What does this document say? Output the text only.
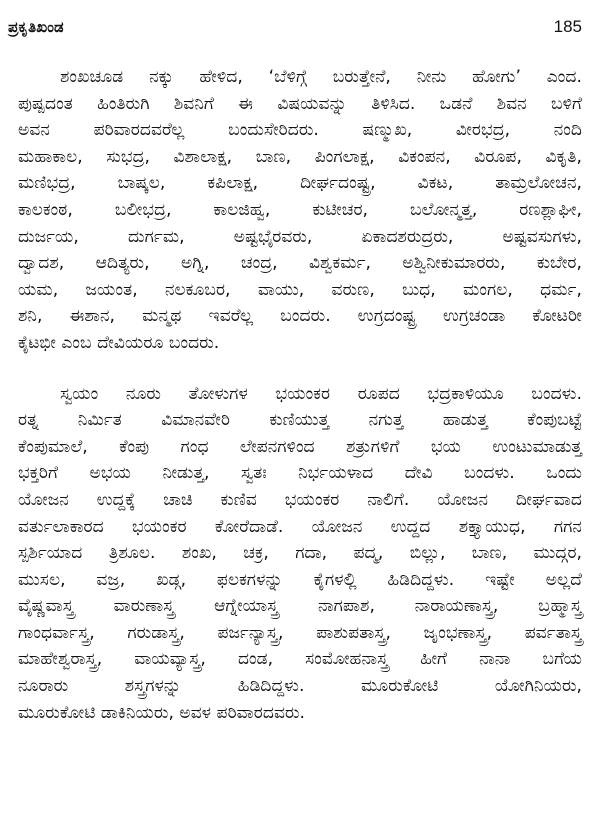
ಪ್ರಕೃತಿಖಂಡ	185

ಶಂಖಚೂಡ ನಕ್ಕು ಹೇಳಿದ, ‘ಬೆಳಿಗ್ಗೆ ಬರುತ್ತೇನೆ, ನೀನು ಹೋಗು’ ಎಂದ.

ಪುಷ್ಪದಂತ ಹಿಂತಿರುಗಿ ಶಿವನಿಗೆ ಈ ವಿಷಯವನ್ನು ತಿಳಿಸಿದ. ಒಡನೆ ಶಿವನ ಬಳಿಗೆ

ಅವನ ಪರಿವಾರದವರೆಲ್ಲ ಬಂದುಸೇರಿದರು. ಷಣ್ಮುಖ, ವೀರಭದ್ರ, ನಂದಿ

ಮಹಾಕಾಲ, ಸುಭದ್ರ, ವಿಶಾಲಾಕ್ಷ, ಬಾಣ, ಪಿಂಗಲಾಕ್ಷ, ವಿಕಂಪನ, ವಿರೂಪ, ವಿಕೃತಿ,

ಮಣಿಭದ್ರ, ಬಾಷ್ಕಲ, ಕಪಿಲಾಕ್ಷ, ದೀರ್ಘದಂಷ್ಟ್ರ, ವಿಕಟ, ತಾಮ್ರಲೋಚನ,

ಕಾಲಕಂಠ, ಬಲೀಭದ್ರ, ಕಾಲಜಿಹ್ವ, ಕುಟೀಚರ, ಬಲೋನ್ಮತ್ತ, ರಣಶ್ಲಾಘೀ,

ದುರ್ಜಯ, ದುರ್ಗಮ, ಅಷ್ಟಭೈರವರು, ಏಕಾದಶರುದ್ರರು, ಅಷ್ಟವಸುಗಳು,

ದ್ವಾದಶ, ಆದಿತ್ಯರು, ಅಗ್ನಿ, ಚಂದ್ರ, ವಿಶ್ವಕರ್ಮ, ಅಶ್ವಿನೀಕುಮಾರರು, ಕುಬೇರ,

ಯಮ, ಜಯಂತ, ನಲಕೂಬರ, ವಾಯು, ವರುಣ, ಬುಧ, ಮಂಗಲ, ಧರ್ಮ,

ಶನಿ, ಈಶಾನ, ಮನ್ಮಥ ಇವರೆಲ್ಲ ಬಂದರು. ಉಗ್ರದಂಷ್ಟ್ರ ಉಗ್ರಚಂಡಾ ಕೋಟರೀ

ಕೈಟಭೀ ಎಂಬ ದೇವಿಯರೂ ಬಂದರು.

ಸ್ವಯಂ ನೂರು ತೋಳುಗಳ ಭಯಂಕರ ರೂಪದ ಭದ್ರಕಾಳಿಯೂ ಬಂದಳು.

ರತ್ನ ನಿರ್ಮಿತ ವಿಮಾನವೇರಿ ಕುಣಿಯುತ್ತ ನಗುತ್ತ ಹಾಡುತ್ತ ಕೆಂಪುಬಟ್ಟೆ

ಕೆಂಪುಮಾಲೆ, ಕೆಂಪು ಗಂಧ ಲೇಪನಗಳಿಂದ ಶತ್ರುಗಳಿಗೆ ಭಯ ಉಂಟುಮಾಡುತ್ತ

ಭಕ್ತರಿಗೆ ಅಭಯ ನೀಡುತ್ತ, ಸ್ವತಃ ನಿರ್ಭಯಳಾದ ದೇವಿ ಬಂದಳು. ಒಂದು

ಯೋಜನ ಉದ್ದಕ್ಕೆ ಚಾಚಿ ಕುಣಿವ ಭಯಂಕರ ನಾಲಿಗೆ. ಯೋಜನ ದೀರ್ಘವಾದ

ವರ್ತುಲಾಕಾರದ ಭಯಂಕರ ಕೋರೆದಾಡೆ. ಯೋಜನ ಉದ್ದದ ಶಕ್ತ್ಯಾಯುಧ, ಗಗನ

ಸ್ಪರ್ಶಿಯಾದ ತ್ರಿಶೂಲ. ಶಂಖ, ಚಕ್ರ, ಗದಾ, ಪದ್ಮ, ಬಿಲ್ಲು, ಬಾಣ, ಮುದ್ಗರ,

ಮುಸಲ, ವಜ್ರ, ಖಡ್ಗ, ಫಲಕಗಳನ್ನು ಕೈಗಳಲ್ಲಿ ಹಿಡಿದಿದ್ದಳು. ಇಷ್ಟೇ ಅಲ್ಲದೆ

ವೈಷ್ಣವಾಸ್ತ್ರ ವಾರುಣಾಸ್ತ್ರ ಆಗ್ನೇಯಾಸ್ತ್ರ ನಾಗಪಾಶ, ನಾರಾಯಣಾಸ್ತ್ರ, ಬ್ರಹ್ಮಾಸ್ತ್ರ

ಗಾಂಧರ್ವಾಸ್ತ್ರ, ಗರುಡಾಸ್ತ್ರ, ಪರ್ಜನ್ಯಾಸ್ತ್ರ, ಪಾಶುಪತಾಸ್ತ್ರ, ಜೃಂಭಣಾಸ್ತ್ರ, ಪರ್ವತಾಸ್ತ್ರ

ಮಾಹೇಶ್ವರಾಸ್ತ್ರ, ವಾಯವ್ಯಾಸ್ತ್ರ, ದಂಡ, ಸಂಮೋಹನಾಸ್ತ್ರ ಹೀಗೆ ನಾನಾ ಬಗೆಯ

ನೂರಾರು ಶಸ್ತ್ರಗಳನ್ನು ಹಿಡಿದಿದ್ದಳು. ಮೂರುಕೋಟಿ ಯೋಗಿನಿಯರು,

ಮೂರುಕೋಟಿ ಡಾಕಿನಿಯರು, ಅವಳ ಪರಿವಾರದವರು.
